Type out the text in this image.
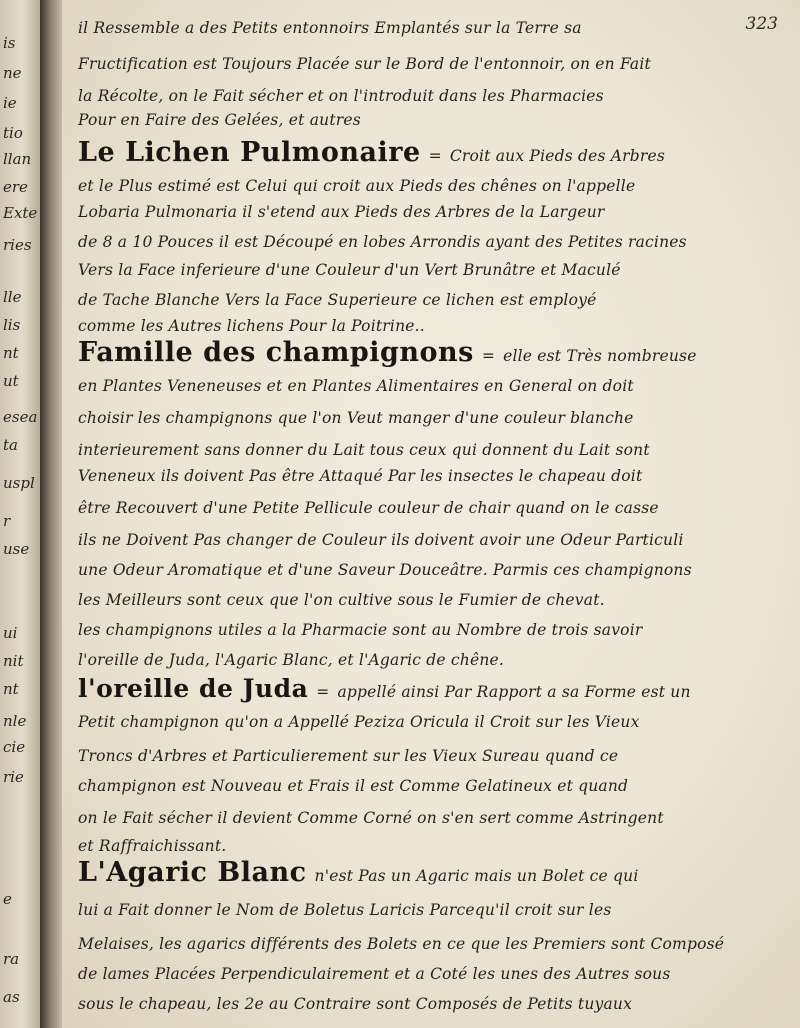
is
ne
ie
tio
llan
ere
Exte
ries
lle
lis
nt
ut
esea
ta
uspl
r
use
ui
nit
nt
nle
cie
rie
e
ra
as
323
il Ressemble a des Petits entonnoirs Emplantés sur la Terre sa
Fructification est Toujours Placée sur le Bord de l'entonnoir, on en Fait
la Récolte, on le Fait sécher et on l'introduit dans les Pharmacies
Pour en Faire des Gelées, et autres
Le Lichen Pulmonaire = Croit aux Pieds des Arbres
et le Plus estimé est Celui qui croit aux Pieds des chênes on l'appelle
Lobaria Pulmonaria il s'etend aux Pieds des Arbres de la Largeur
de 8 a 10 Pouces il est Découpé en lobes Arrondis ayant des Petites racines
Vers la Face inferieure d'une Couleur d'un Vert Brunâtre et Maculé
de Tache Blanche Vers la Face Superieure ce lichen est employé
comme les Autres lichens Pour la Poitrine..
Famille des champignons = elle est Très nombreuse
en Plantes Veneneuses et en Plantes Alimentaires en General on doit
choisir les champignons que l'on Veut manger d'une couleur blanche
interieurement sans donner du Lait tous ceux qui donnent du Lait sont
Veneneux ils doivent Pas être Attaqué Par les insectes le chapeau doit
être Recouvert d'une Petite Pellicule couleur de chair quand on le casse
ils ne Doivent Pas changer de Couleur ils doivent avoir une Odeur Particuli
une Odeur Aromatique et d'une Saveur Douceâtre. Parmis ces champignons
les Meilleurs sont ceux que l'on cultive sous le Fumier de chevat.
les champignons utiles a la Pharmacie sont au Nombre de trois savoir
l'oreille de Juda, l'Agaric Blanc, et l'Agaric de chêne.
l'oreille de Juda = appellé ainsi Par Rapport a sa Forme est un
Petit champignon qu'on a Appellé Peziza Oricula il Croit sur les Vieux
Troncs d'Arbres et Particulierement sur les Vieux Sureau quand ce
champignon est Nouveau et Frais il est Comme Gelatineux et quand
on le Fait sécher il devient Comme Corné on s'en sert comme Astringent
et Raffraichissant.
L'Agaric Blanc n'est Pas un Agaric mais un Bolet ce qui
lui a Fait donner le Nom de Boletus Laricis Parcequ'il croit sur les
Melaises, les agarics différents des Bolets en ce que les Premiers sont Composé
de lames Placées Perpendiculairement et a Coté les unes des Autres sous
sous le chapeau, les 2e au Contraire sont Composés de Petits tuyaux
